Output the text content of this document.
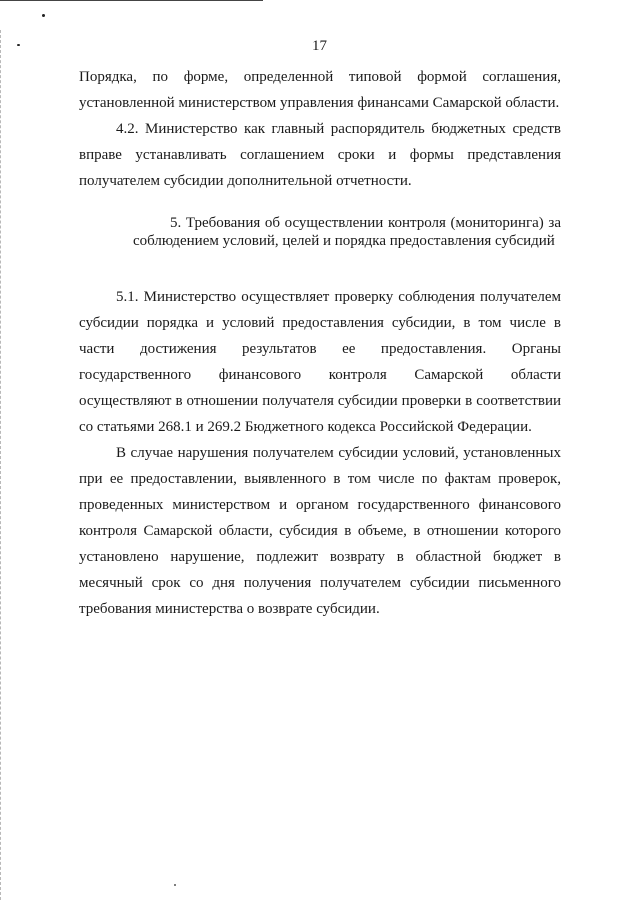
17

Порядка, по форме, определенной типовой формой соглашения, установленной министерством управления финансами Самарской области.

4.2. Министерство как главный распорядитель бюджетных средств вправе устанавливать соглашением сроки и формы представления получателем субсидии дополнительной отчетности.

5. Требования об осуществлении контроля (мониторинга) за соблюдением условий, целей и порядка предоставления субсидий

5.1. Министерство осуществляет проверку соблюдения получателем субсидии порядка и условий предоставления субсидии, в том числе в части достижения результатов ее предоставления. Органы государственного финансового контроля Самарской области осуществляют в отношении получателя субсидии проверки в соответствии со статьями 268.1 и 269.2 Бюджетного кодекса Российской Федерации.

В случае нарушения получателем субсидии условий, установленных при ее предоставлении, выявленного в том числе по фактам проверок, проведенных министерством и органом государственного финансового контроля Самарской области, субсидия в объеме, в отношении которого установлено нарушение, подлежит возврату в областной бюджет в месячный срок со дня получения получателем субсидии письменного требования министерства о возврате субсидии.
